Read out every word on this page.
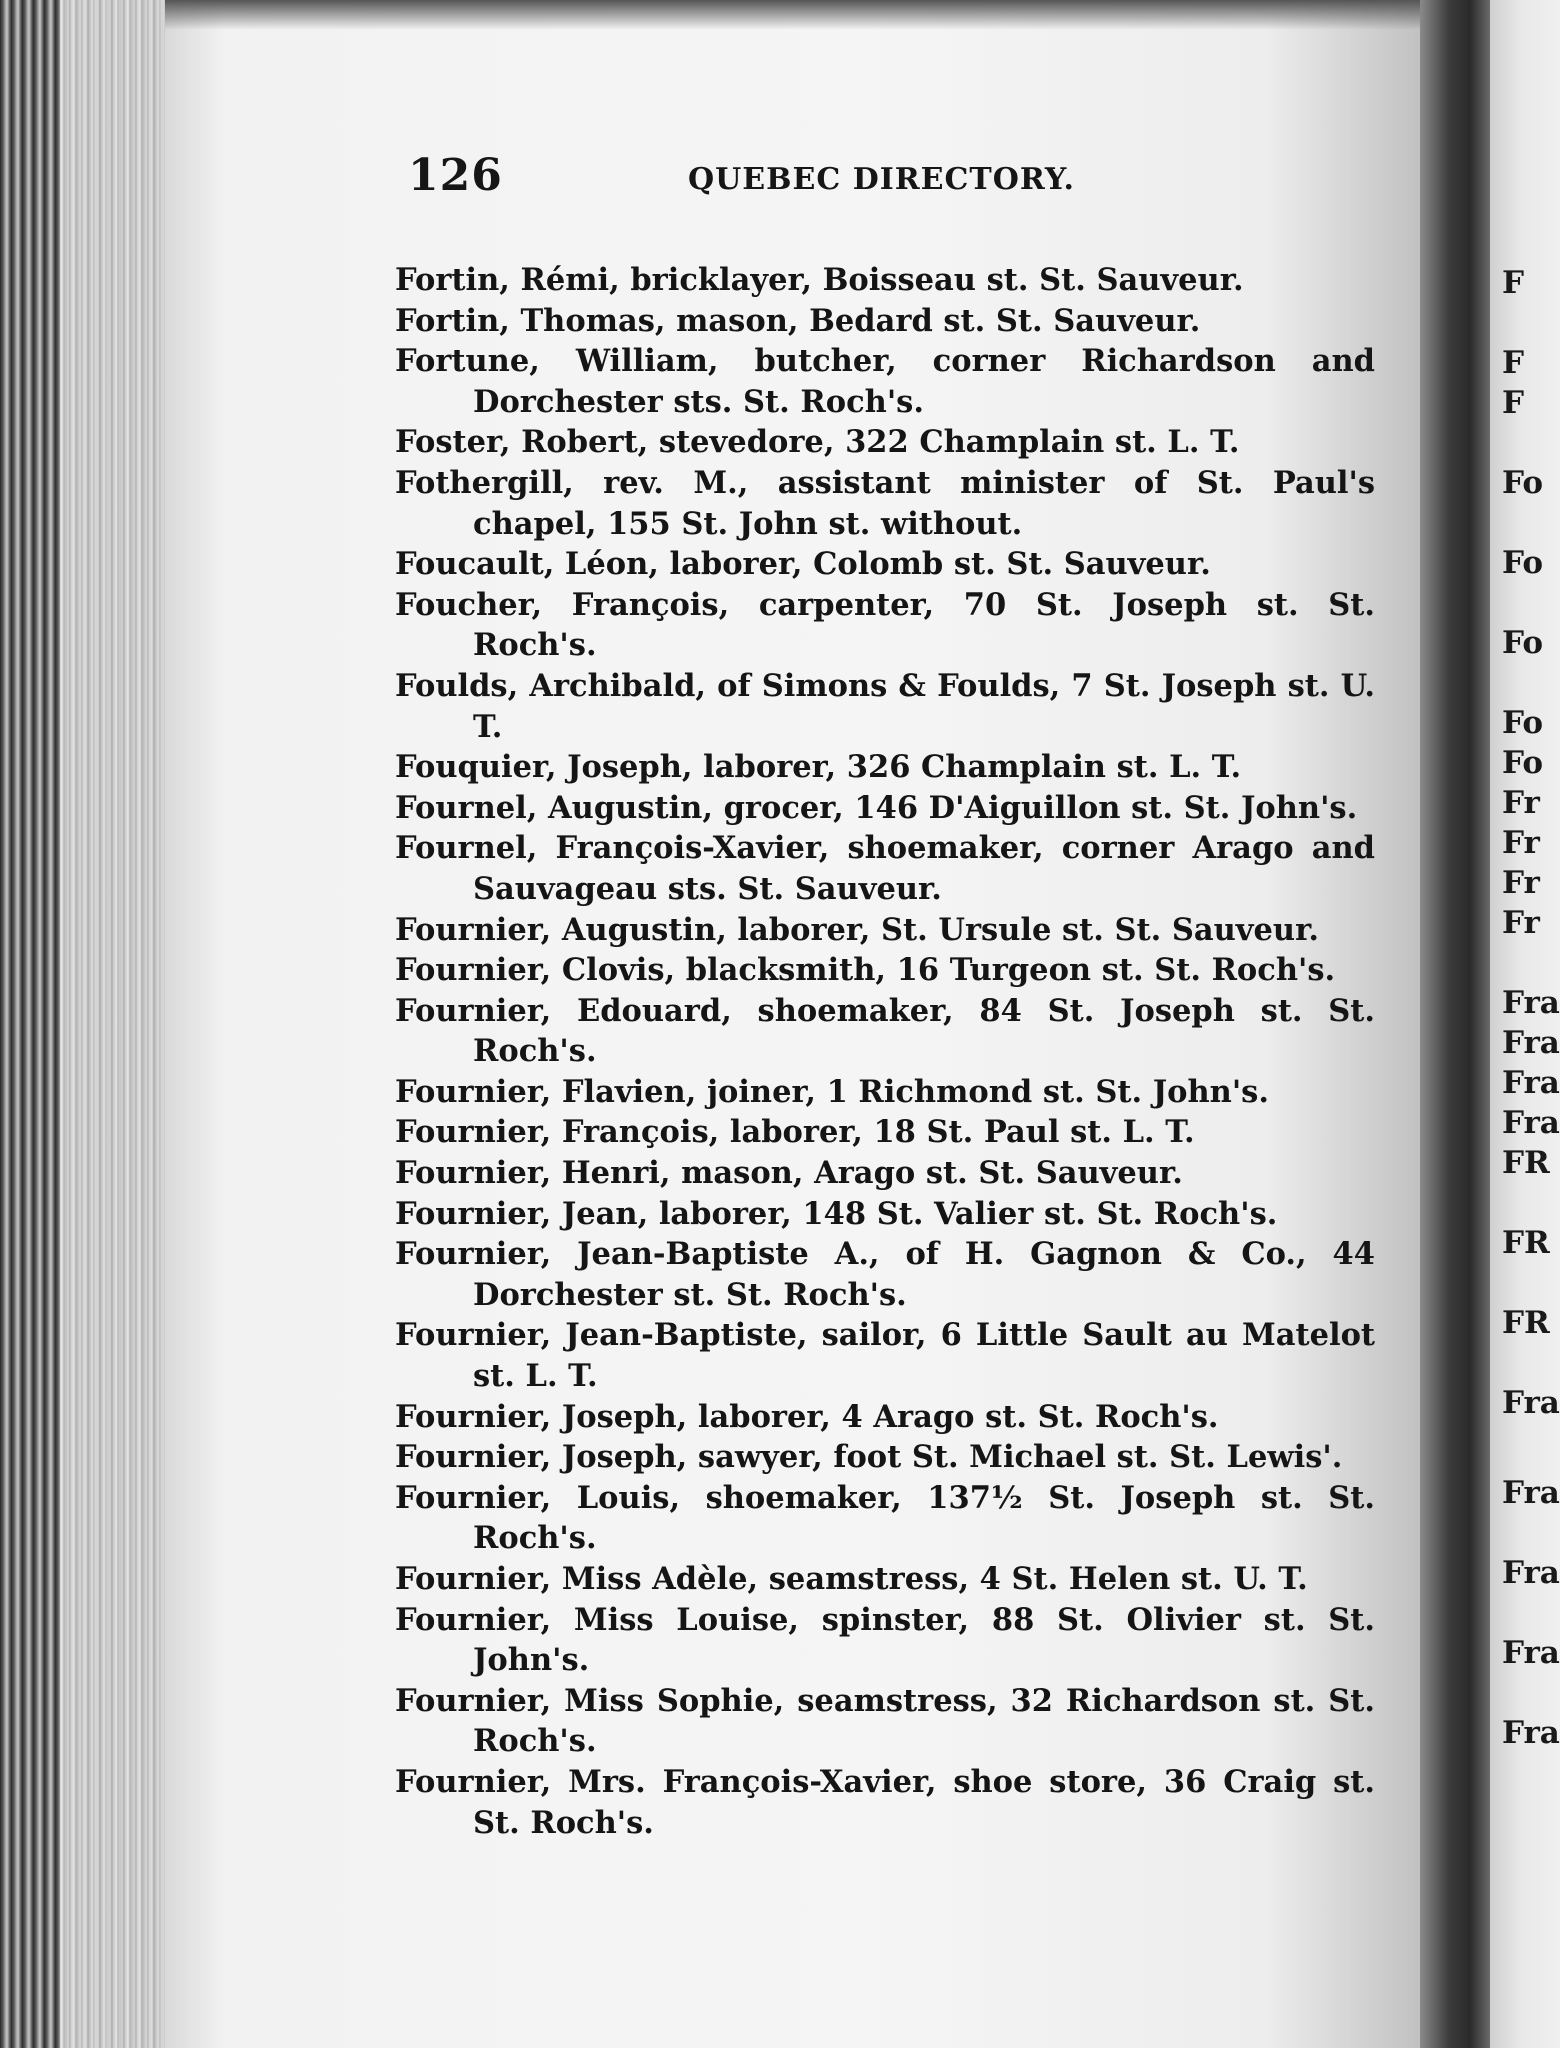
F
F
F
Fo
Fo
Fo
Fo
Fo
Fr
Fr
Fr
Fr
Fra
Fra
Fra
Fra
FR
FR
FR
Fra
Fra
Fra
Fra
Fra
126	QUEBEC DIRECTORY.

Fortin, Rémi, bricklayer, Boisseau st. St. Sauveur.

Fortin, Thomas, mason, Bedard st. St. Sauveur.

Fortune, William, butcher, corner Richardson and Dorchester sts. St. Roch's.

Foster, Robert, stevedore, 322 Champlain st. L. T.

Fothergill, rev. M., assistant minister of St. Paul's chapel, 155 St. John st. without.

Foucault, Léon, laborer, Colomb st. St. Sauveur.

Foucher, François, carpenter, 70 St. Joseph st. St. Roch's.

Foulds, Archibald, of Simons & Foulds, 7 St. Joseph st. U. T.

Fouquier, Joseph, laborer, 326 Champlain st. L. T.

Fournel, Augustin, grocer, 146 D'Aiguillon st. St. John's.

Fournel, François-Xavier, shoemaker, corner Arago and Sauvageau sts. St. Sauveur.

Fournier, Augustin, laborer, St. Ursule st. St. Sauveur.

Fournier, Clovis, blacksmith, 16 Turgeon st. St. Roch's.

Fournier, Edouard, shoemaker, 84 St. Joseph st. St. Roch's.

Fournier, Flavien, joiner, 1 Richmond st. St. John's.

Fournier, François, laborer, 18 St. Paul st. L. T.

Fournier, Henri, mason, Arago st. St. Sauveur.

Fournier, Jean, laborer, 148 St. Valier st. St. Roch's.

Fournier, Jean-Baptiste A., of H. Gagnon & Co., 44 Dorchester st. St. Roch's.

Fournier, Jean-Baptiste, sailor, 6 Little Sault au Matelot st. L. T.

Fournier, Joseph, laborer, 4 Arago st. St. Roch's.

Fournier, Joseph, sawyer, foot St. Michael st. St. Lewis'.

Fournier, Louis, shoemaker, 137½ St. Joseph st. St. Roch's.

Fournier, Miss Adèle, seamstress, 4 St. Helen st. U. T.

Fournier, Miss Louise, spinster, 88 St. Olivier st. St. John's.

Fournier, Miss Sophie, seamstress, 32 Richardson st. St. Roch's.

Fournier, Mrs. François-Xavier, shoe store, 36 Craig st. St. Roch's.
